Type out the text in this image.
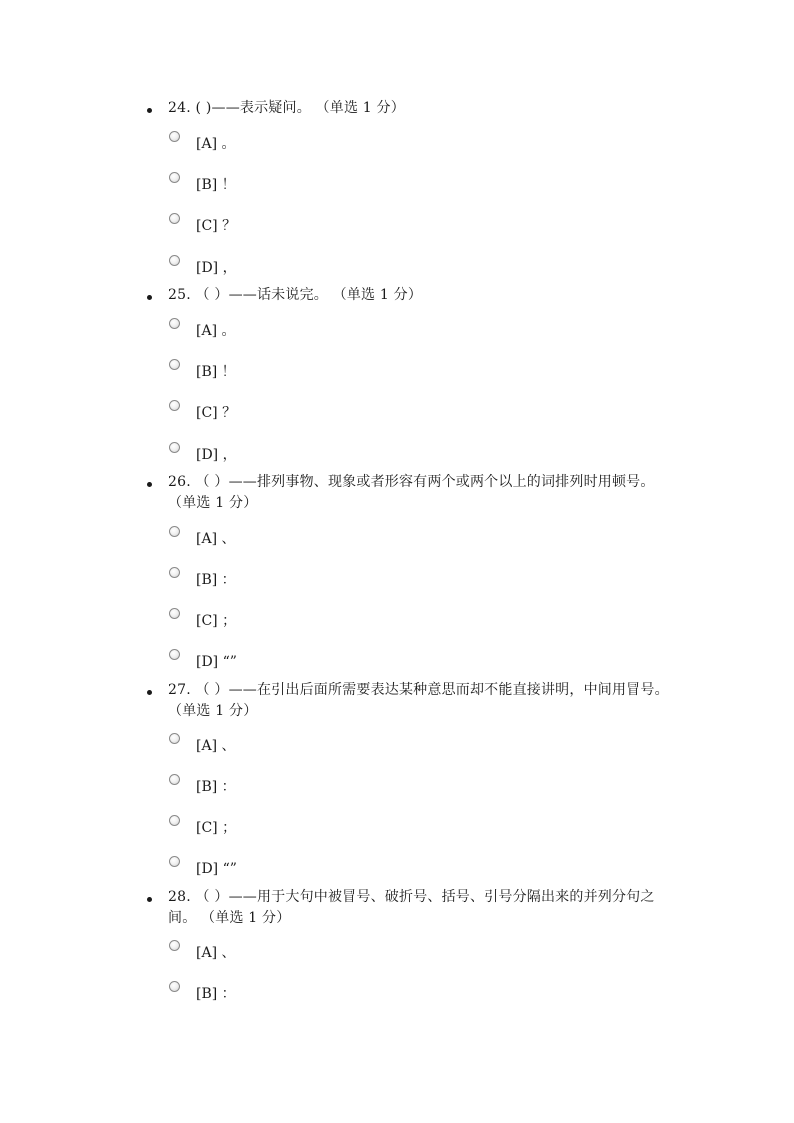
24. ( )——表示疑问。 （单选 1 分）
[A] 。
[B] ！
[C] ？
[D] ，
25. （ ）——话未说完。 （单选 1 分）
[A] 。
[B] ！
[C] ？
[D] ，
26. （ ）——排列事物、现象或者形容有两个或两个以上的词排列时用顿号。 （单选 1 分）
[A] 、
[B] ：
[C] ；
[D] “”
27. （ ）——在引出后面所需要表达某种意思而却不能直接讲明，中间用冒号。 （单选 1 分）
[A] 、
[B] ：
[C] ；
[D] “”
28. （ ）——用于大句中被冒号、破折号、括号、引号分隔出来的并列分句之间。 （单选 1 分）
[A] 、
[B] ：
